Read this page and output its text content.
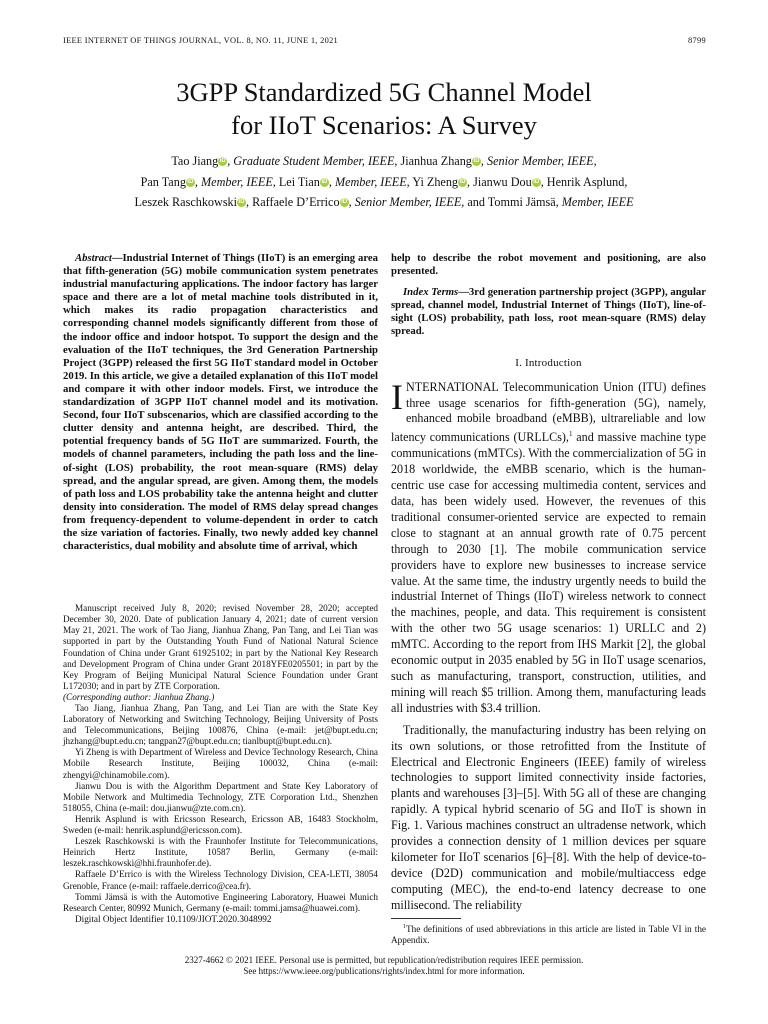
IEEE INTERNET OF THINGS JOURNAL, VOL. 8, NO. 11, JUNE 1, 2021	8799
3GPP Standardized 5G Channel Model
for IIoT Scenarios: A Survey
Tao Jiang iD , Graduate Student Member, IEEE, Jianhua Zhang iD , Senior Member, IEEE,
Pan Tang iD , Member, IEEE, Lei Tian iD , Member, IEEE, Yi Zheng iD , Jianwu Dou iD , Henrik Asplund,
Leszek Raschkowski iD , Raffaele D’Errico iD , Senior Member, IEEE, and Tommi Jämsä, Member, IEEE

Abstract—Industrial Internet of Things (IIoT) is an emerging area that fifth-generation (5G) mobile communication system penetrates industrial manufacturing applications. The indoor factory has larger space and there are a lot of metal machine tools distributed in it, which makes its radio propagation characteristics and corresponding channel models significantly different from those of the indoor office and indoor hotspot. To support the design and the evaluation of the IIoT techniques, the 3rd Generation Partnership Project (3GPP) released the first 5G IIoT standard model in October 2019. In this article, we give a detailed explanation of this IIoT model and compare it with other indoor models. First, we introduce the standardization of 3GPP IIoT channel model and its motivation. Second, four IIoT subscenarios, which are classified according to the clutter density and antenna height, are described. Third, the potential frequency bands of 5G IIoT are summarized. Fourth, the models of channel parameters, including the path loss and the line-of-sight (LOS) probability, the root mean-square (RMS) delay spread, and the angular spread, are given. Among them, the models of path loss and LOS probability take the antenna height and clutter density into consideration. The model of RMS delay spread changes from frequency-dependent to volume-dependent in order to catch the size variation of factories. Finally, two newly added key channel characteristics, dual mobility and absolute time of arrival, which

Manuscript received July 8, 2020; revised November 28, 2020; accepted December 30, 2020. Date of publication January 4, 2021; date of current version May 21, 2021. The work of Tao Jiang, Jianhua Zhang, Pan Tang, and Lei Tian was supported in part by the Outstanding Youth Fund of National Natural Science Foundation of China under Grant 61925102; in part by the National Key Research and Development Program of China under Grant 2018YFE0205501; in part by the Key Program of Beijing Municipal Natural Science Foundation under Grant L172030; and in part by ZTE Corporation.

(Corresponding author: Jianhua Zhang.)

Tao Jiang, Jianhua Zhang, Pan Tang, and Lei Tian are with the State Key Laboratory of Networking and Switching Technology, Beijing University of Posts and Telecommunications, Beijing 100876, China (e-mail: jet@bupt.edu.cn; jhzhang@bupt.edu.cn; tangpan27@bupt.edu.cn; tianlbupt@bupt.edu.cn).

Yi Zheng is with Department of Wireless and Device Technology Research, China Mobile Research Institute, Beijing 100032, China (e-mail: zhengyi@chinamobile.com).

Jianwu Dou is with the Algorithm Department and State Key Laboratory of Mobile Network and Multimedia Technology, ZTE Corporation Ltd., Shenzhen 518055, China (e-mail: dou.jianwu@zte.com.cn).

Henrik Asplund is with Ericsson Research, Ericsson AB, 16483 Stockholm, Sweden (e-mail: henrik.asplund@ericsson.com).

Leszek Raschkowski is with the Fraunhofer Institute for Telecommunications, Heinrich Hertz Institute, 10587 Berlin, Germany (e-mail: leszek.raschkowski@hhi.fraunhofer.de).

Raffaele D’Errico is with the Wireless Technology Division, CEA-LETI, 38054 Grenoble, France (e-mail: raffaele.derrico@cea.fr).

Tommi Jämsä is with the Automotive Engineering Laboratory, Huawei Munich Research Center, 80992 Munich, Germany (e-mail: tommi.jamsa@huawei.com).

Digital Object Identifier 10.1109/JIOT.2020.3048992

help to describe the robot movement and positioning, are also presented.

Index Terms—3rd generation partnership project (3GPP), angular spread, channel model, Industrial Internet of Things (IIoT), line-of-sight (LOS) probability, path loss, root mean-square (RMS) delay spread.

I. Introduction

INTERNATIONAL Telecommunication Union (ITU) defines three usage scenarios for fifth-generation (5G), namely, enhanced mobile broadband (eMBB), ultrareliable and low latency communications (URLLCs),$^1$ and massive machine type communications (mMTCs). With the commercialization of 5G in 2018 worldwide, the eMBB scenario, which is the human-centric use case for accessing multimedia content, services and data, has been widely used. However, the revenues of this traditional consumer-oriented service are expected to remain close to stagnant at an annual growth rate of 0.75 percent through to 2030 [1]. The mobile communication service providers have to explore new businesses to increase service value. At the same time, the industry urgently needs to build the industrial Internet of Things (IIoT) wireless network to connect the machines, people, and data. This requirement is consistent with the other two 5G usage scenarios: 1) URLLC and 2) mMTC. According to the report from IHS Markit [2], the global economic output in 2035 enabled by 5G in IIoT usage scenarios, such as manufacturing, transport, construction, utilities, and mining will reach $5 trillion. Among them, manufacturing leads all industries with $3.4 trillion.

Traditionally, the manufacturing industry has been relying on its own solutions, or those retrofitted from the Institute of Electrical and Electronic Engineers (IEEE) family of wireless technologies to support limited connectivity inside factories, plants and warehouses [3]–[5]. With 5G all of these are changing rapidly. A typical hybrid scenario of 5G and IIoT is shown in Fig. 1. Various machines construct an ultradense network, which provides a connection density of 1 million devices per square kilometer for IIoT scenarios [6]–[8]. With the help of device-to-device (D2D) communication and mobile/multiaccess edge computing (MEC), the end-to-end latency decrease to one millisecond. The reliability

$^1$The definitions of used abbreviations in this article are listed in Table VI in the Appendix.

2327-4662 © 2021 IEEE. Personal use is permitted, but republication/redistribution requires IEEE permission.
See https://www.ieee.org/publications/rights/index.html for more information.
